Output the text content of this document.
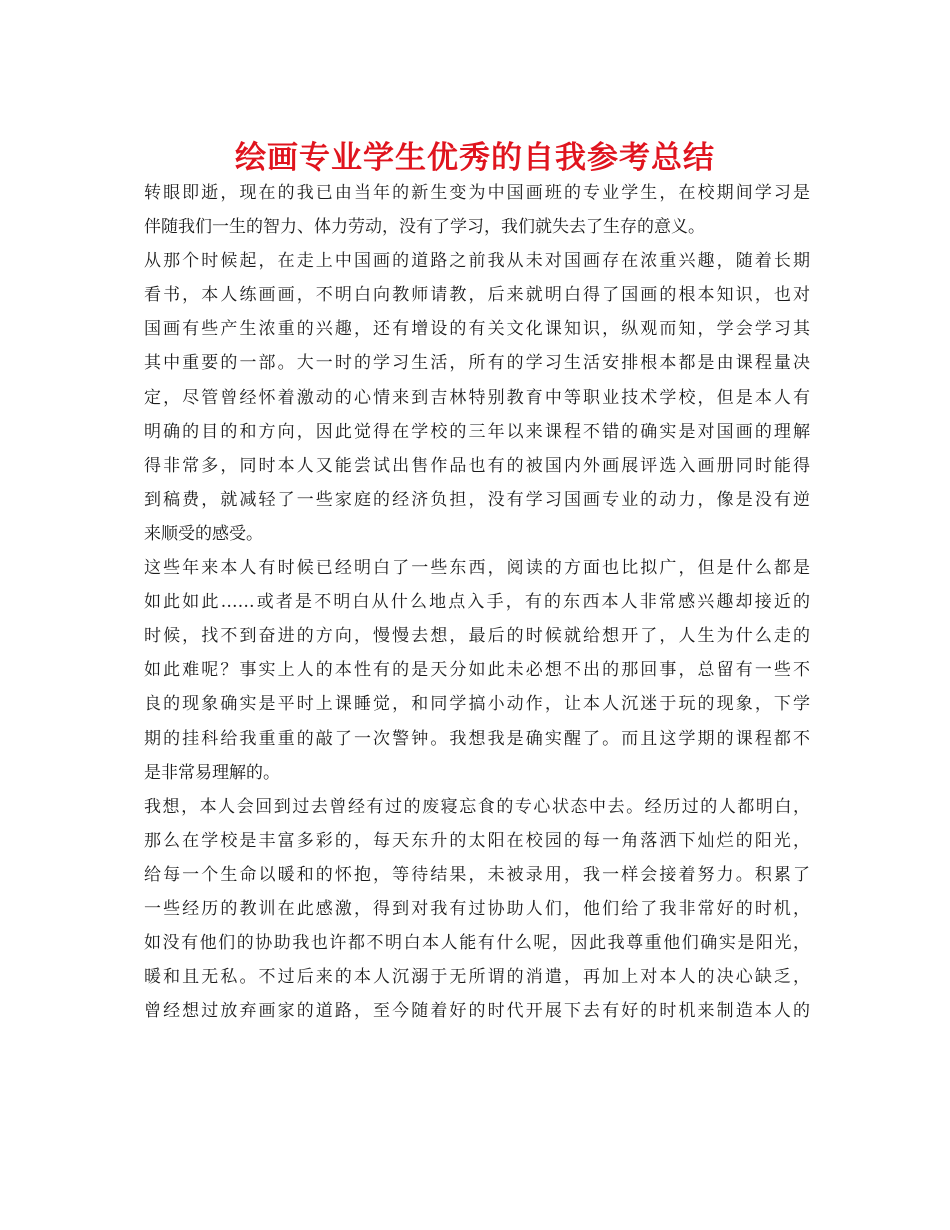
绘画专业学生优秀的自我参考总结
转眼即逝，现在的我已由当年的新生变为中国画班的专业学生，在校期间学习是
伴随我们一生的智力、体力劳动，没有了学习，我们就失去了生存的意义。
从那个时候起，在走上中国画的道路之前我从未对国画存在浓重兴趣，随着长期
看书，本人练画画，不明白向教师请教，后来就明白得了国画的根本知识，也对
国画有些产生浓重的兴趣，还有增设的有关文化课知识，纵观而知，学会学习其
其中重要的一部。大一时的学习生活，所有的学习生活安排根本都是由课程量决
定，尽管曾经怀着激动的心情来到吉林特别教育中等职业技术学校，但是本人有
明确的目的和方向，因此觉得在学校的三年以来课程不错的确实是对国画的理解
得非常多，同时本人又能尝试出售作品也有的被国内外画展评选入画册同时能得
到稿费，就减轻了一些家庭的经济负担，没有学习国画专业的动力，像是没有逆
来顺受的感受。
这些年来本人有时候已经明白了一些东西，阅读的方面也比拟广，但是什么都是
如此如此……或者是不明白从什么地点入手，有的东西本人非常感兴趣却接近的
时候，找不到奋进的方向，慢慢去想，最后的时候就给想开了，人生为什么走的
如此难呢？事实上人的本性有的是天分如此未必想不出的那回事，总留有一些不
良的现象确实是平时上课睡觉，和同学搞小动作，让本人沉迷于玩的现象，下学
期的挂科给我重重的敲了一次警钟。我想我是确实醒了。而且这学期的课程都不
是非常易理解的。
我想，本人会回到过去曾经有过的废寝忘食的专心状态中去。经历过的人都明白，
那么在学校是丰富多彩的，每天东升的太阳在校园的每一角落洒下灿烂的阳光，
给每一个生命以暖和的怀抱，等待结果，未被录用，我一样会接着努力。积累了
一些经历的教训在此感激，得到对我有过协助人们，他们给了我非常好的时机，
如没有他们的协助我也许都不明白本人能有什么呢，因此我尊重他们确实是阳光，
暖和且无私。不过后来的本人沉溺于无所谓的消遣，再加上对本人的决心缺乏，
曾经想过放弃画家的道路，至今随着好的时代开展下去有好的时机来制造本人的
